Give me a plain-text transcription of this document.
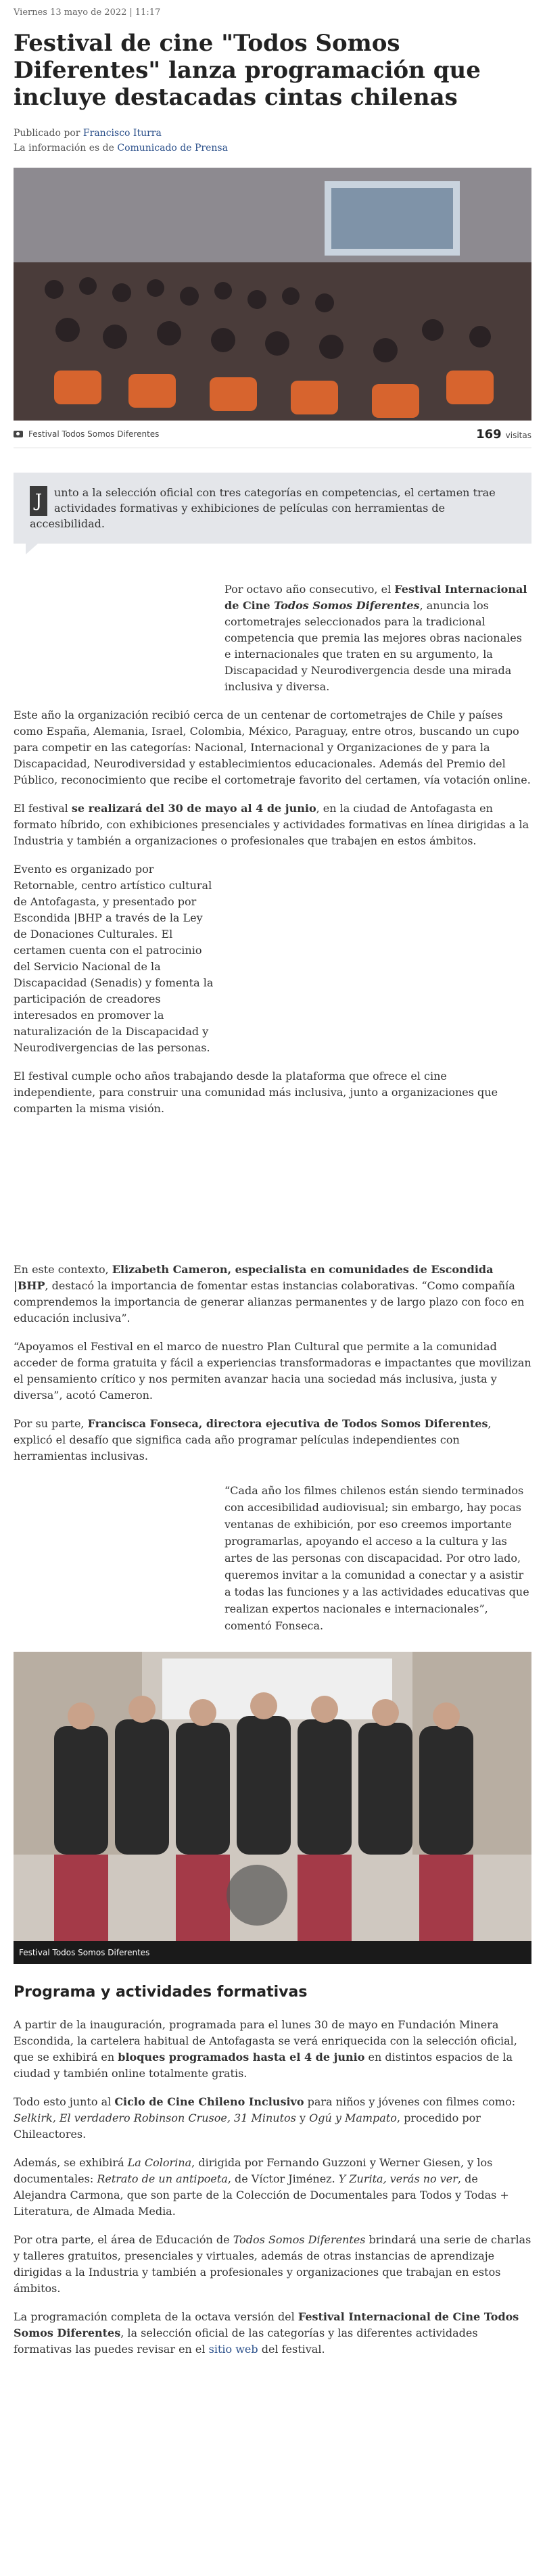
Viernes 13 mayo de 2022 | 11:17
Festival de cine "Todos Somos Diferentes" lanza programación que incluye destacadas cintas chilenas
Publicado por Francisco Iturra
La información es de Comunicado de Prensa
Festival Todos Somos Diferentes	169 visitas
J	unto a la selección oficial con tres categorías en competencias, el certamen trae actividades formativas y exhibiciones de películas con herramientas de accesibilidad.

Por octavo año consecutivo, el Festival Internacional de Cine Todos Somos Diferentes, anuncia los cortometrajes seleccionados para la tradicional competencia que premia las mejores obras nacionales e internacionales que traten en su argumento, la Discapacidad y Neurodivergencia desde una mirada inclusiva y diversa.

Este año la organización recibió cerca de un centenar de cortometrajes de Chile y países como España, Alemania, Israel, Colombia, México, Paraguay, entre otros, buscando un cupo para competir en las categorías: Nacional, Internacional y Organizaciones de y para la Discapacidad, Neurodiversidad y establecimientos educacionales. Además del Premio del Público, reconocimiento que recibe el cortometraje favorito del certamen, vía votación online.

El festival se realizará del 30 de mayo al 4 de junio, en la ciudad de Antofagasta en formato híbrido, con exhibiciones presenciales y actividades formativas en línea dirigidas a la Industria y también a organizaciones o profesionales que trabajen en estos ámbitos.

Evento es organizado por Retornable, centro artístico cultural de Antofagasta, y presentado por Escondida |BHP a través de la Ley de Donaciones Culturales. El certamen cuenta con el patrocinio del Servicio Nacional de la Discapacidad (Senadis) y fomenta la participación de creadores interesados en promover la naturalización de la Discapacidad y Neurodivergencias de las personas.

El festival cumple ocho años trabajando desde la plataforma que ofrece el cine independiente, para construir una comunidad más inclusiva, junto a organizaciones que comparten la misma visión.

En este contexto, Elizabeth Cameron, especialista en comunidades de Escondida |BHP, destacó la importancia de fomentar estas instancias colaborativas. “Como compañía comprendemos la importancia de generar alianzas permanentes y de largo plazo con foco en educación inclusiva”.

“Apoyamos el Festival en el marco de nuestro Plan Cultural que permite a la comunidad acceder de forma gratuita y fácil a experiencias transformadoras e impactantes que movilizan el pensamiento crítico y nos permiten avanzar hacia una sociedad más inclusiva, justa y diversa”, acotó Cameron.

Por su parte, Francisca Fonseca, directora ejecutiva de Todos Somos Diferentes, explicó el desafío que significa cada año programar películas independientes con herramientas inclusivas.

“Cada año los filmes chilenos están siendo terminados con accesibilidad audiovisual; sin embargo, hay pocas ventanas de exhibición, por eso creemos importante programarlas, apoyando el acceso a la cultura y las artes de las personas con discapacidad. Por otro lado, queremos invitar a la comunidad a conectar y a asistir a todas las funciones y a las actividades educativas que realizan expertos nacionales e internacionales”, comentó Fonseca.

Festival Todos Somos Diferentes
Programa y actividades formativas

A partir de la inauguración, programada para el lunes 30 de mayo en Fundación Minera Escondida, la cartelera habitual de Antofagasta se verá enriquecida con la selección oficial, que se exhibirá en bloques programados hasta el 4 de junio en distintos espacios de la ciudad y también online totalmente gratis.

Todo esto junto al Ciclo de Cine Chileno Inclusivo para niños y jóvenes con filmes como: Selkirk, El verdadero Robinson Crusoe, 31 Minutos y Ogú y Mampato, procedido por Chileactores.

Además, se exhibirá La Colorina, dirigida por Fernando Guzzoni y Werner Giesen, y los documentales: Retrato de un antipoeta, de Víctor Jiménez. Y Zurita, verás no ver, de Alejandra Carmona, que son parte de la Colección de Documentales para Todos y Todas + Literatura, de Almada Media.

Por otra parte, el área de Educación de Todos Somos Diferentes brindará una serie de charlas y talleres gratuitos, presenciales y virtuales, además de otras instancias de aprendizaje dirigidas a la Industria y también a profesionales y organizaciones que trabajan en estos ámbitos.

La programación completa de la octava versión del Festival Internacional de Cine Todos Somos Diferentes, la selección oficial de las categorías y las diferentes actividades formativas las puedes revisar en el sitio web del festival.
